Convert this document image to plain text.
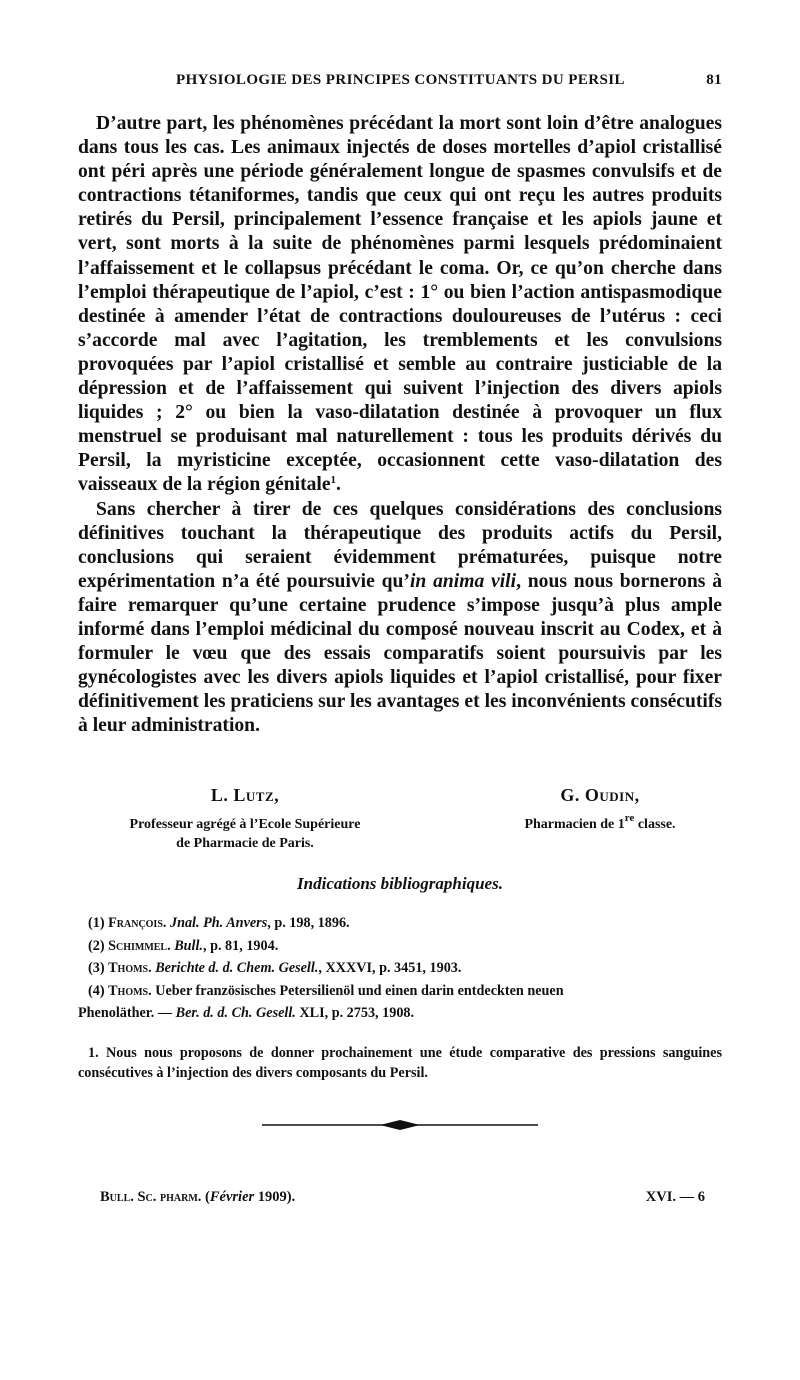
PHYSIOLOGIE DES PRINCIPES CONSTITUANTS DU PERSIL	81

D’autre part, les phénomènes précédant la mort sont loin d’être analogues dans tous les cas. Les animaux injectés de doses mortelles d’apiol cristallisé ont péri après une période généralement longue de spasmes convulsifs et de contractions tétaniformes, tandis que ceux qui ont reçu les autres produits retirés du Persil, principalement l’essence française et les apiols jaune et vert, sont morts à la suite de phénomènes parmi lesquels prédominaient l’affaissement et le collapsus précédant le coma. Or, ce qu’on cherche dans l’emploi thérapeutique de l’apiol, c’est : 1° ou bien l’action antispasmodique destinée à amender l’état de contractions douloureuses de l’utérus : ceci s’accorde mal avec l’agitation, les tremblements et les convulsions provoquées par l’apiol cristallisé et semble au contraire justiciable de la dépression et de l’affaissement qui suivent l’injection des divers apiols liquides ; 2° ou bien la vaso-dilatation destinée à provoquer un flux menstruel se produisant mal naturellement : tous les produits dérivés du Persil, la myristicine exceptée, occasionnent cette vaso-dilatation des vaisseaux de la région génitale$^1$.

Sans chercher à tirer de ces quelques considérations des conclusions définitives touchant la thérapeutique des produits actifs du Persil, conclusions qui seraient évidemment prématurées, puisque notre expérimentation n’a été poursuivie qu’in anima vili, nous nous bornerons à faire remarquer qu’une certaine prudence s’impose jusqu’à plus ample informé dans l’emploi médicinal du composé nouveau inscrit au Codex, et à formuler le vœu que des essais comparatifs soient poursuivis par les gynécologistes avec les divers apiols liquides et l’apiol cristallisé, pour fixer définitivement les praticiens sur les avantages et les inconvénients consécutifs à leur administration.

L. Lutz,
Professeur agrégé à l’Ecole Supérieure
de Pharmacie de Paris.
G. Oudin,
Pharmacien de 1re classe.
Indications bibliographiques.
(1) François. Jnal. Ph. Anvers, p. 198, 1896.
(2) Schimmel. Bull., p. 81, 1904.
(3) Thoms. Berichte d. d. Chem. Gesell., XXXVI, p. 3451, 1903.
(4) Thoms. Ueber französisches Petersilienöl und einen darin entdeckten neuen
Phenoläther. — Ber. d. d. Ch. Gesell. XLI, p. 2753, 1908.
1. Nous nous proposons de donner prochainement une étude comparative des pressions sanguines consécutives à l’injection des divers composants du Persil.
Bull. Sc. pharm. (Février 1909).	XVI. — 6
